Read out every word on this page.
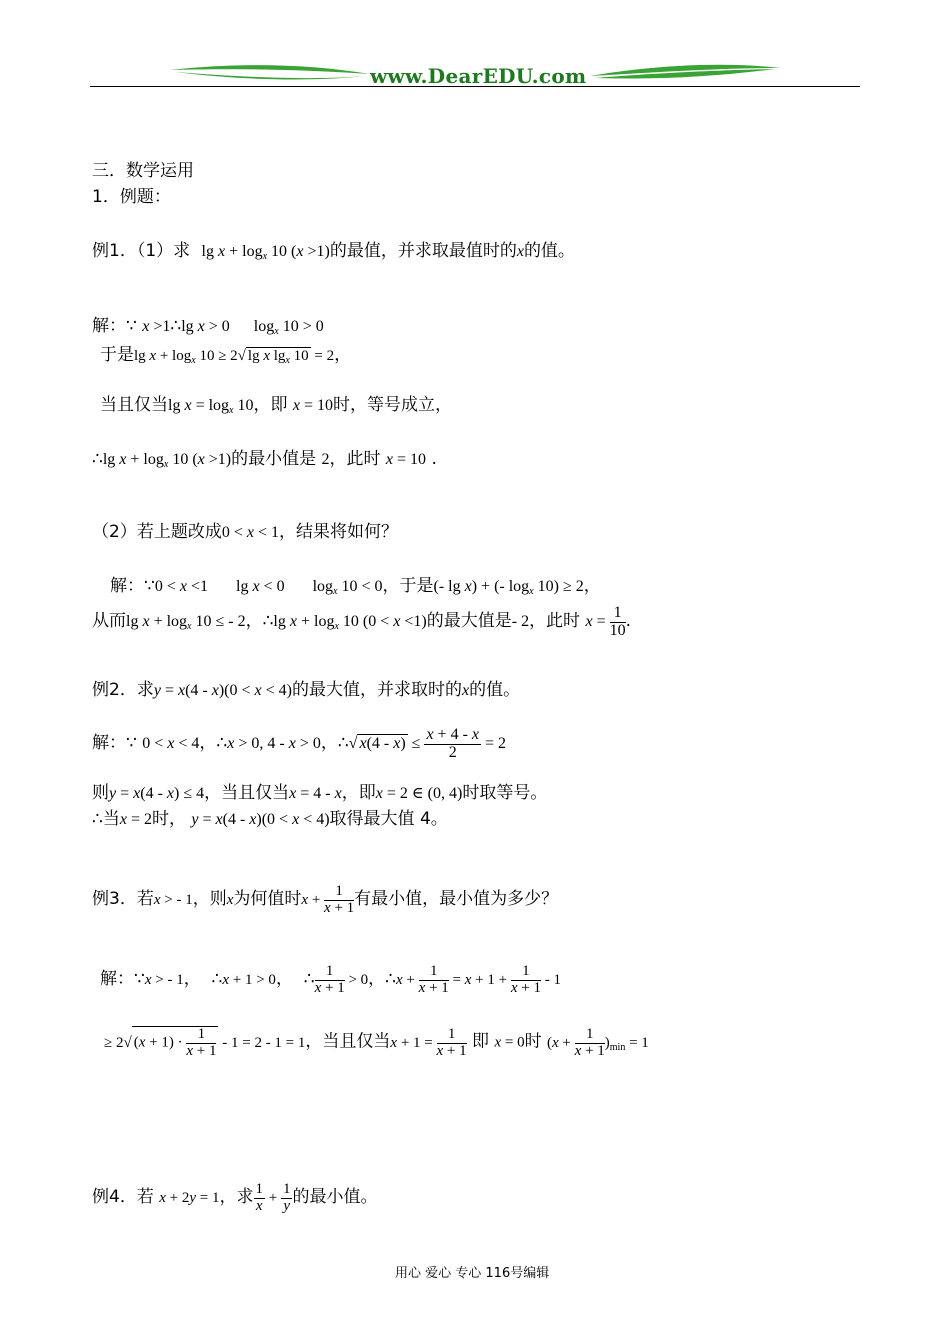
www.DearEDU.com
三．数学运用
1．例题：
例1．（1）求 $\lg x + \log_x 10$ (x >1)的最值，并求取最值时的x的值。
解：∵ x >1∴lg x > 0      $\log_x 10 > 0$
于是$\lg x + \log_x 10 \ge 2√$ lg x $\lg_x 10 = 2$，
当且仅当$\lg x = \log_x 10$，即 x = 10时，等号成立，
∴lg $x + \log_x 10$ (x >1)的最小值是 2，此时 x = 10 .
（2）若上题改成0 < x < 1，结果将如何？
解：∵0 < x <1       lg x < 0       $\log_x 10 < 0$，于是(- lg x) + (- $\log_x 10) \ge 2$，
从而$\lg x + \log_x 10$ ≤ - 2，∴lg $x + \log_x 10$ (0 < x <1)的最大值是- 2，此时 $x = \frac{1}{10}$ .
例2．求y = x(4 - x)(0 < x < 4)的最大值，并求取时的x的值。
解：∵ 0 < x < 4，∴x > 0, 4 - x > 0，∴√ $x(4 - x) \le \frac{x + 4 - x}{2} = 2$
则y = x(4 - x) ≤ 4，当且仅当x = 4 - x，即x = 2 ∈ (0, 4)时取等号。
∴当x = 2时， y = x(4 - x)(0 < x < 4)取得最大值 4。
例3．若x > - 1，则x为何值时$x + \frac{1}{x + 1}$ 有最小值，最小值为多少？
解：∵x > - 1，  ∴x + 1 > 0，  ∴ $\frac{1}{x + 1} > 0$，∴x + $\frac{1}{x + 1} = x + 1 + \frac{1}{x + 1} - 1$
≥ 2√ $(x + 1) \cdot \frac{1}{x + 1} - 1 = 2 - 1 = 1$，当且仅当$x + 1 = \frac{1}{x + 1}$ 即 x = 0时 $(x + \frac{1}{x + 1} )_{min} = 1$
例4．若 x + 2y = 1，求 $\frac{1}{x} + \frac{1}{y}$ 的最小值。
用心 爱心 专心 116号编辑
